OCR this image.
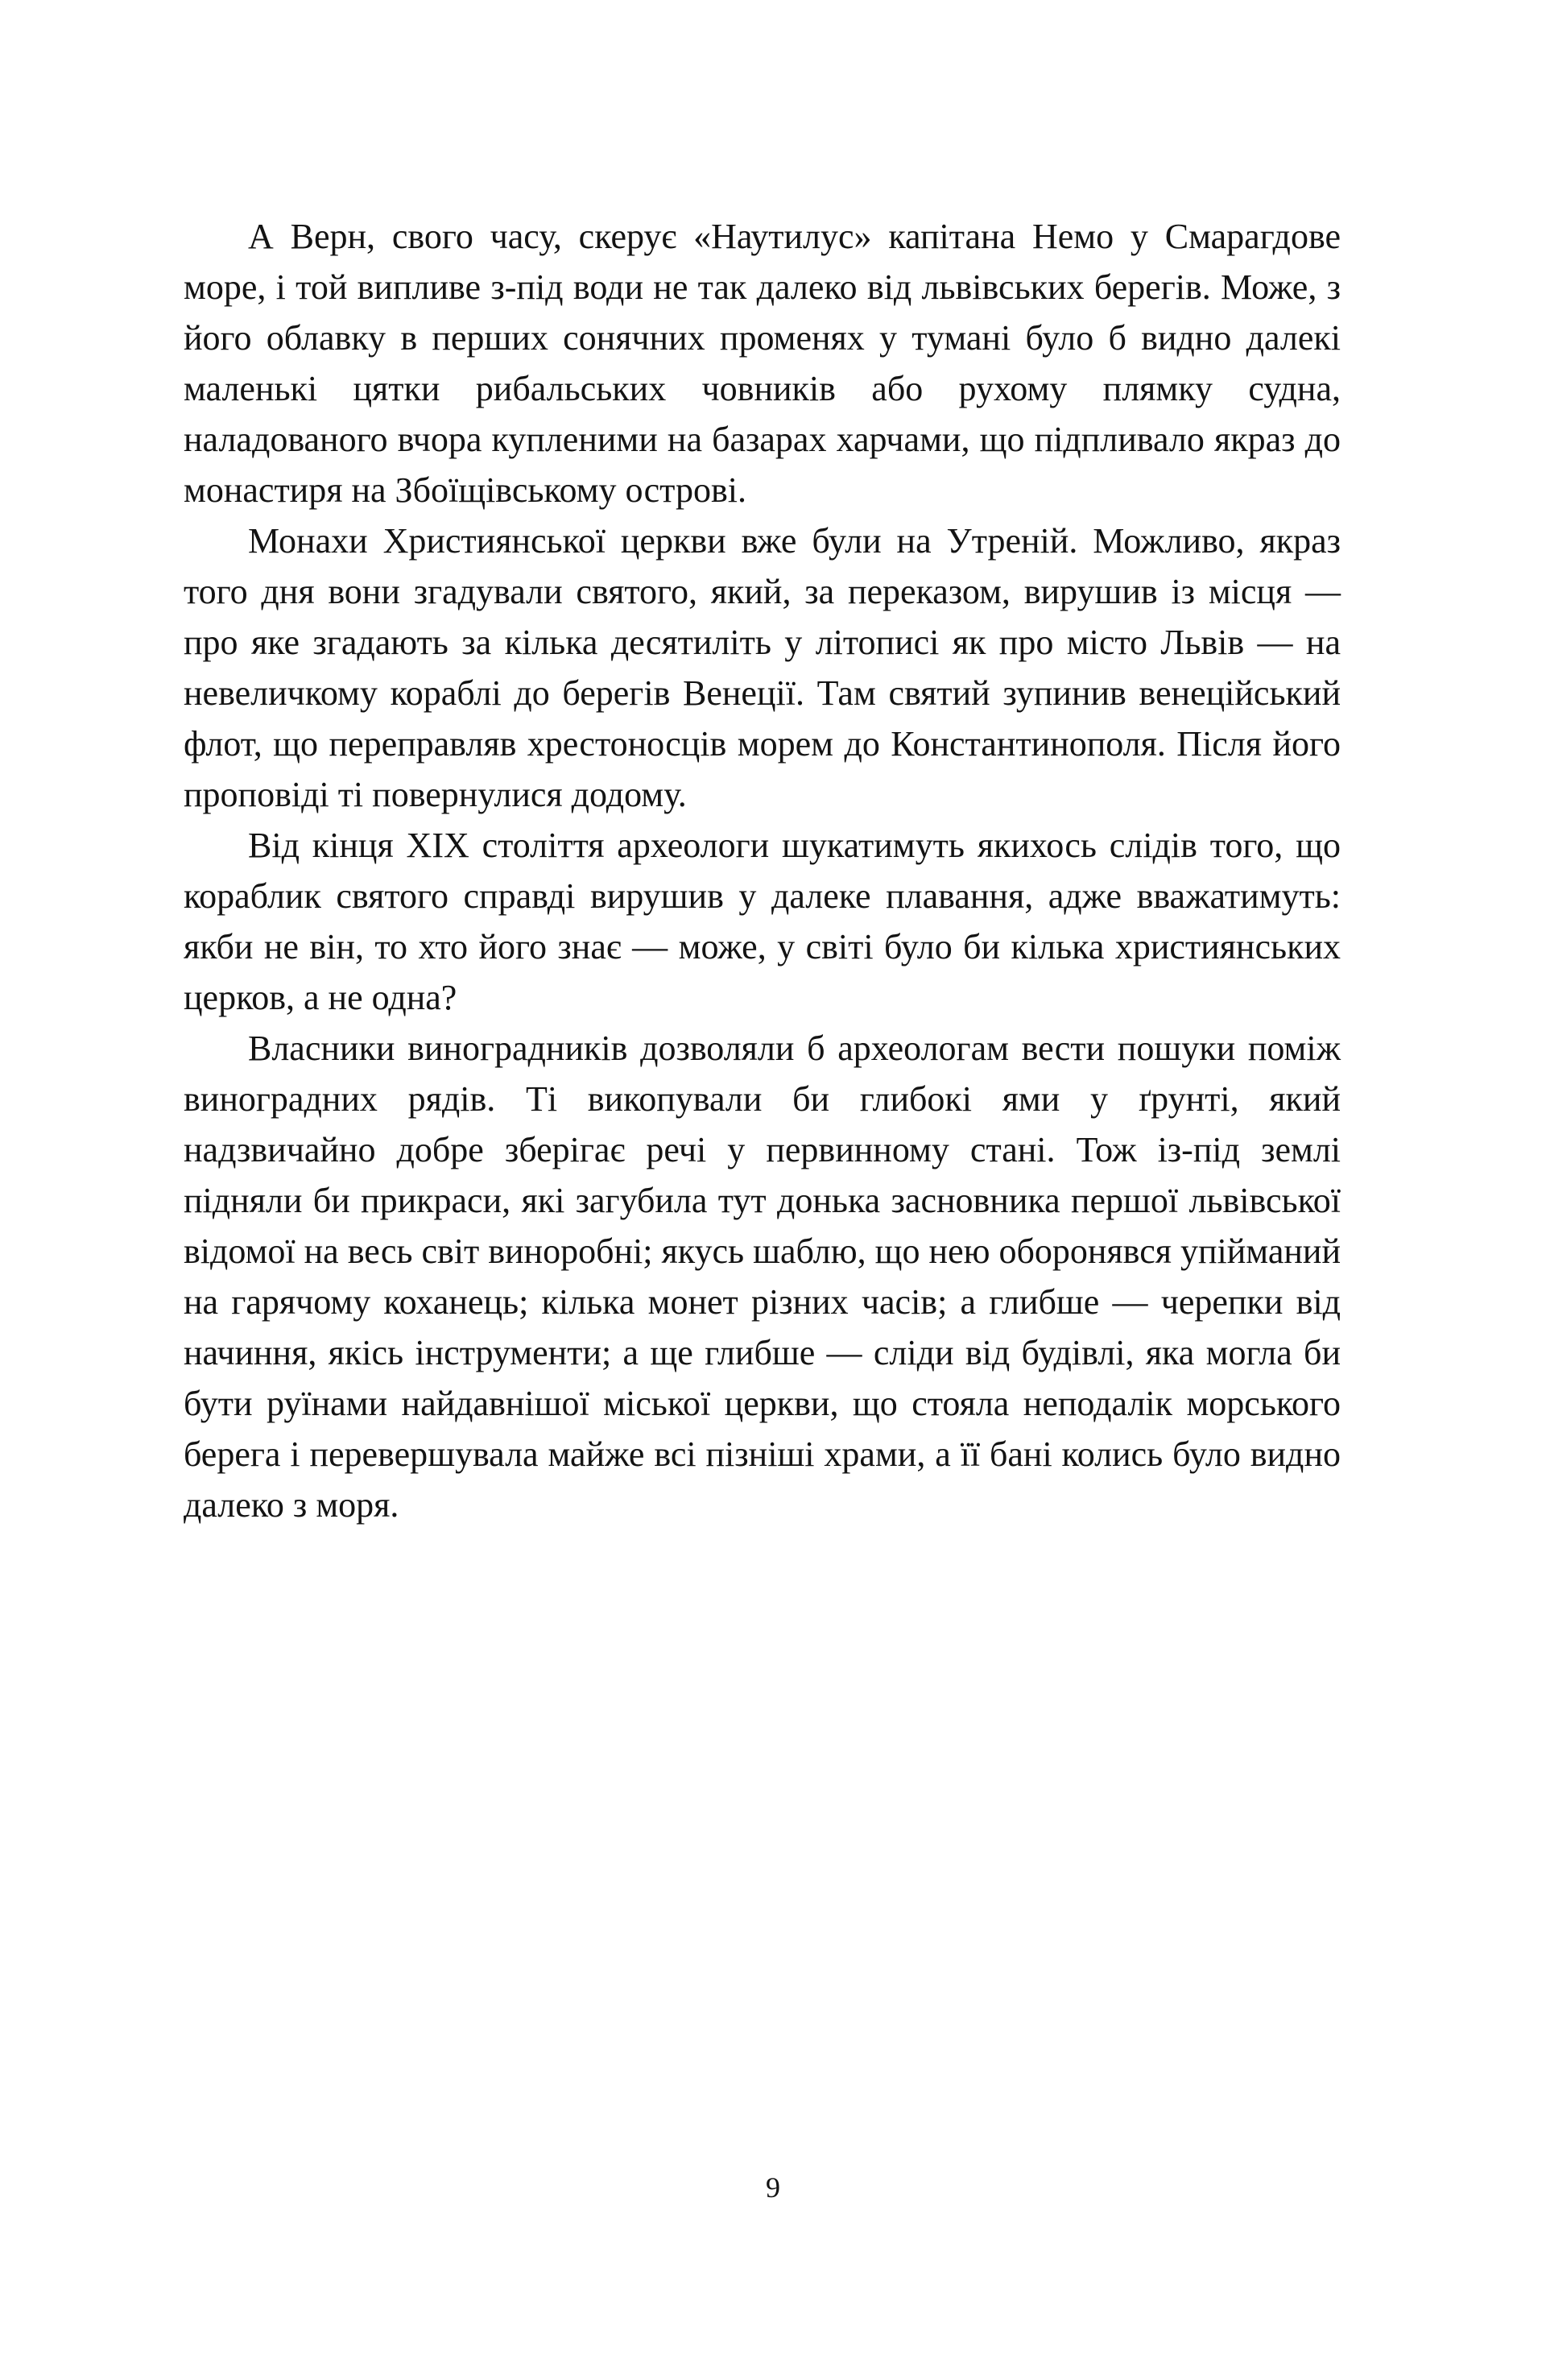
А Верн, свого часу, скерує «Наутилус» капітана Немо у Смарагдове море, і той випливе з-під води не так далеко від львівських берегів. Може, з його облавку в перших сонячних променях у тумані було б видно далекі маленькі цятки рибальських човників або рухому плямку судна, наладованого вчора купленими на базарах харчами, що підпливало якраз до монастиря на Збоїщівському острові.

Монахи Християнської церкви вже були на Утреній. Можливо, якраз того дня вони згадували святого, який, за переказом, вирушив із місця — про яке згадають за кілька десятиліть у літописі як про місто Львів — на невеличкому кораблі до берегів Венеції. Там святий зупинив венеційський флот, що переправляв хрестоносців морем до Константинополя. Після його проповіді ті повернулися додому.

Від кінця XIX століття археологи шукатимуть якихось слідів того, що кораблик святого справді вирушив у далеке плавання, адже вважатимуть: якби не він, то хто його знає — може, у світі було би кілька християнських церков, а не одна?

Власники виноградників дозволяли б археологам вести пошуки поміж виноградних рядів. Ті викопували би глибокі ями у ґрунті, який надзвичайно добре зберігає речі у первинному стані. Тож із-під землі підняли би прикраси, які загубила тут донька засновника першої львівської відомої на весь світ виноробні; якусь шаблю, що нею оборонявся упійманий на гарячому коханець; кілька монет різних часів; а глибше — черепки від начиння, якісь інструменти; а ще глибше — сліди від будівлі, яка могла би бути руїнами найдавнішої міської церкви, що стояла неподалік морського берега і перевершувала майже всі пізніші храми, а її бані колись було видно далеко з моря.

9
